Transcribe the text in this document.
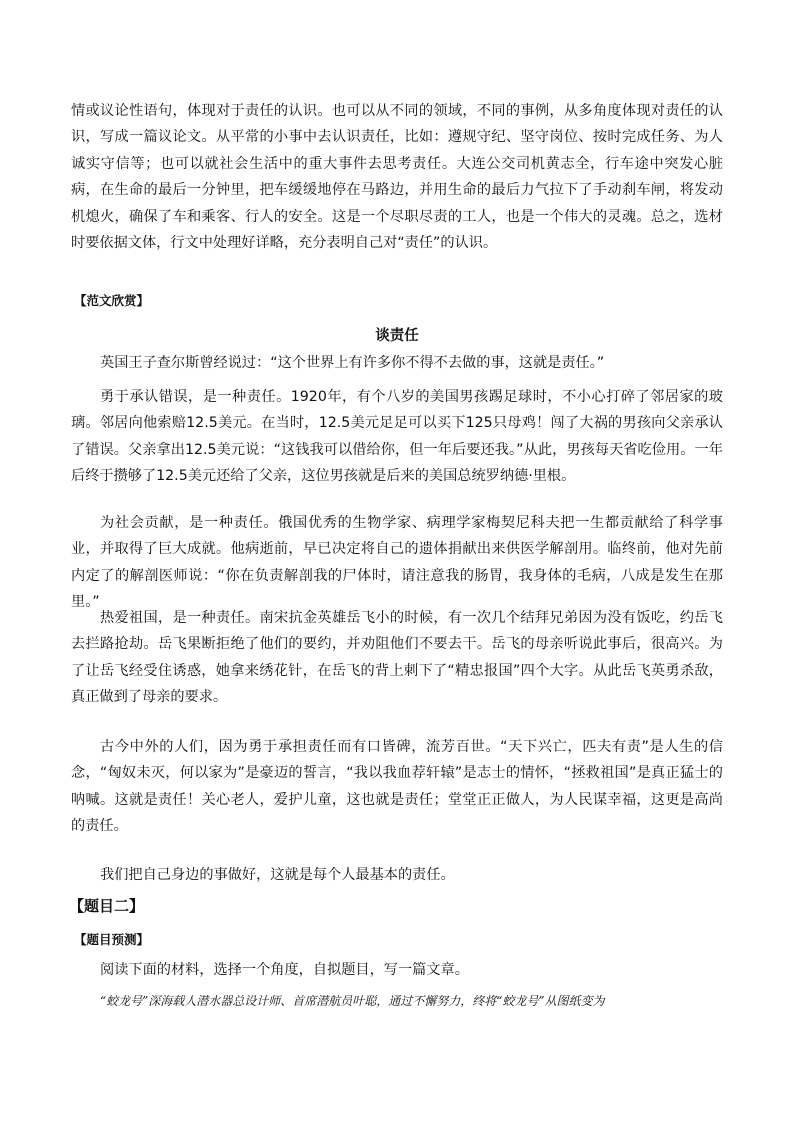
情或议论性语句，体现对于责任的认识。也可以从不同的领域，不同的事例，从多角度体现对责任的认识，写成一篇议论文。从平常的小事中去认识责任，比如：遵规守纪、坚守岗位、按时完成任务、为人诚实守信等；也可以就社会生活中的重大事件去思考责任。大连公交司机黄志全，行车途中突发心脏病，在生命的最后一分钟里，把车缓缓地停在马路边，并用生命的最后力气拉下了手动刹车闸，将发动机熄火，确保了车和乘客、行人的安全。这是一个尽职尽责的工人，也是一个伟大的灵魂。总之，选材时要依据文体，行文中处理好详略，充分表明自己对“责任”的认识。

【范文欣赏】

谈责任

英国王子查尔斯曾经说过：“这个世界上有许多你不得不去做的事，这就是责任。”

勇于承认错误，是一种责任。1920年，有个八岁的美国男孩踢足球时，不小心打碎了邻居家的玻璃。邻居向他索赔12.5美元。在当时，12.5美元足足可以买下125只母鸡！闯了大祸的男孩向父亲承认了错误。父亲拿出12.5美元说：“这钱我可以借给你，但一年后要还我。”从此，男孩每天省吃俭用。一年后终于攒够了12.5美元还给了父亲，这位男孩就是后来的美国总统罗纳德·里根。

为社会贡献，是一种责任。俄国优秀的生物学家、病理学家梅契尼科夫把一生都贡献给了科学事业，并取得了巨大成就。他病逝前，早已决定将自己的遗体捐献出来供医学解剖用。临终前，他对先前内定了的解剖医师说：“你在负责解剖我的尸体时，请注意我的肠胃，我身体的毛病，八成是发生在那里。”

热爱祖国，是一种责任。南宋抗金英雄岳飞小的时候，有一次几个结拜兄弟因为没有饭吃，约岳飞去拦路抢劫。岳飞果断拒绝了他们的要约，并劝阻他们不要去干。岳飞的母亲听说此事后，很高兴。为了让岳飞经受住诱惑，她拿来绣花针，在岳飞的背上刺下了“精忠报国”四个大字。从此岳飞英勇杀敌，真正做到了母亲的要求。

古今中外的人们，因为勇于承担责任而有口皆碑，流芳百世。“天下兴亡，匹夫有责”是人生的信念，“匈奴未灭，何以家为”是豪迈的誓言，“我以我血荐轩辕”是志士的情怀，“拯救祖国”是真正猛士的呐喊。这就是责任！关心老人，爱护儿童，这也就是责任；堂堂正正做人，为人民谋幸福，这更是高尚的责任。

我们把自己身边的事做好，这就是每个人最基本的责任。

【题目二】

【题目预测】

阅读下面的材料，选择一个角度，自拟题目，写一篇文章。

“蛟龙号”深海载人潜水器总设计师、首席潜航员叶聪，通过不懈努力，终将“蛟龙号”从图纸变为
